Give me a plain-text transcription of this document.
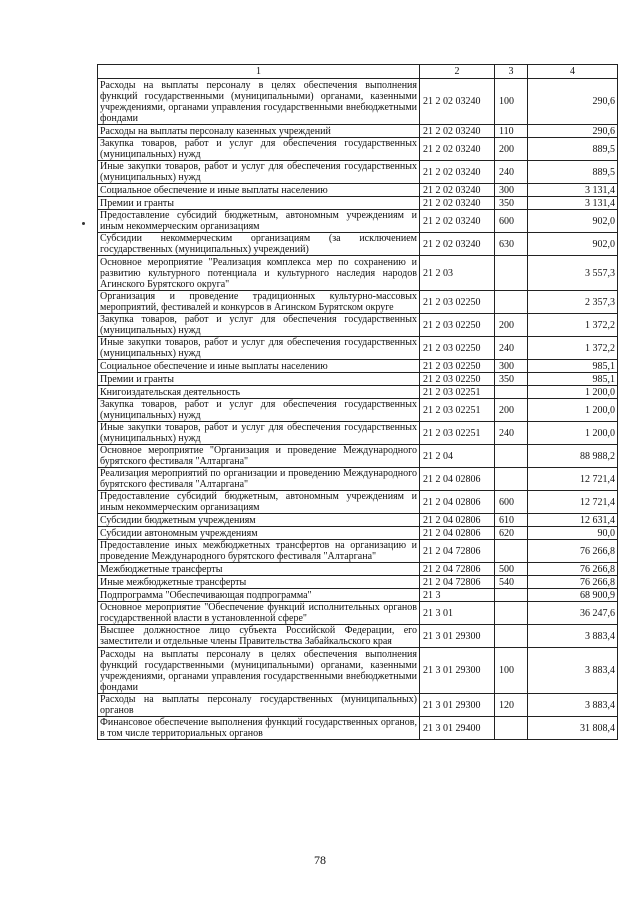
1	2	3	4
Расходы на выплаты персоналу в целях обеспечения выполнения функций государственными (муниципальными) органами, казенными учреждениями, органами управления государственными внебюджетными фондами	21 2 02 03240	100	290,6
Расходы на выплаты персоналу казенных учреждений	21 2 02 03240	110	290,6
Закупка товаров, работ и услуг для обеспечения государственных (муниципальных) нужд	21 2 02 03240	200	889,5
Иные закупки товаров, работ и услуг для обеспечения государственных (муниципальных) нужд	21 2 02 03240	240	889,5
Социальное обеспечение и иные выплаты населению	21 2 02 03240	300	3 131,4
Премии и гранты	21 2 02 03240	350	3 131,4
Предоставление субсидий бюджетным, автономным учреждениям и иным некоммерческим организациям	21 2 02 03240	600	902,0
Субсидии некоммерческим организациям (за исключением государственных (муниципальных) учреждений)	21 2 02 03240	630	902,0
Основное мероприятие "Реализация комплекса мер по сохранению и развитию культурного потенциала и культурного наследия народов Агинского Бурятского округа"	21 2 03		3 557,3
Организация и проведение традиционных культурно-массовых мероприятий, фестивалей и конкурсов в Агинском Бурятском округе	21 2 03 02250		2 357,3
Закупка товаров, работ и услуг для обеспечения государственных (муниципальных) нужд	21 2 03 02250	200	1 372,2
Иные закупки товаров, работ и услуг для обеспечения государственных (муниципальных) нужд	21 2 03 02250	240	1 372,2
Социальное обеспечение и иные выплаты населению	21 2 03 02250	300	985,1
Премии и гранты	21 2 03 02250	350	985,1
Книгоиздательская деятельность	21 2 03 02251		1 200,0
Закупка товаров, работ и услуг для обеспечения государственных (муниципальных) нужд	21 2 03 02251	200	1 200,0
Иные закупки товаров, работ и услуг для обеспечения государственных (муниципальных) нужд	21 2 03 02251	240	1 200,0
Основное мероприятие "Организация и проведение Международного бурятского фестиваля "Алтаргана"	21 2 04		88 988,2
Реализация мероприятий по организации и проведению Международного бурятского фестиваля "Алтаргана"	21 2 04 02806		12 721,4
Предоставление субсидий бюджетным, автономным учреждениям и иным некоммерческим организациям	21 2 04 02806	600	12 721,4
Субсидии бюджетным учреждениям	21 2 04 02806	610	12 631,4
Субсидии автономным учреждениям	21 2 04 02806	620	90,0
Предоставление иных межбюджетных трансфертов на организацию и проведение Международного бурятского фестиваля "Алтаргана"	21 2 04 72806		76 266,8
Межбюджетные трансферты	21 2 04 72806	500	76 266,8
Иные межбюджетные трансферты	21 2 04 72806	540	76 266,8
Подпрограмма "Обеспечивающая подпрограмма"	21 3		68 900,9
Основное мероприятие "Обеспечение функций исполнительных органов государственной власти в установленной сфере"	21 3 01		36 247,6
Высшее должностное лицо субъекта Российской Федерации, его заместители и отдельные члены Правительства Забайкальского края	21 3 01 29300		3 883,4
Расходы на выплаты персоналу в целях обеспечения выполнения функций государственными (муниципальными) органами, казенными учреждениями, органами управления государственными внебюджетными фондами	21 3 01 29300	100	3 883,4
Расходы на выплаты персоналу государственных (муниципальных) органов	21 3 01 29300	120	3 883,4
Финансовое обеспечение выполнения функций государственных органов, в том числе территориальных органов	21 3 01 29400		31 808,4
78
